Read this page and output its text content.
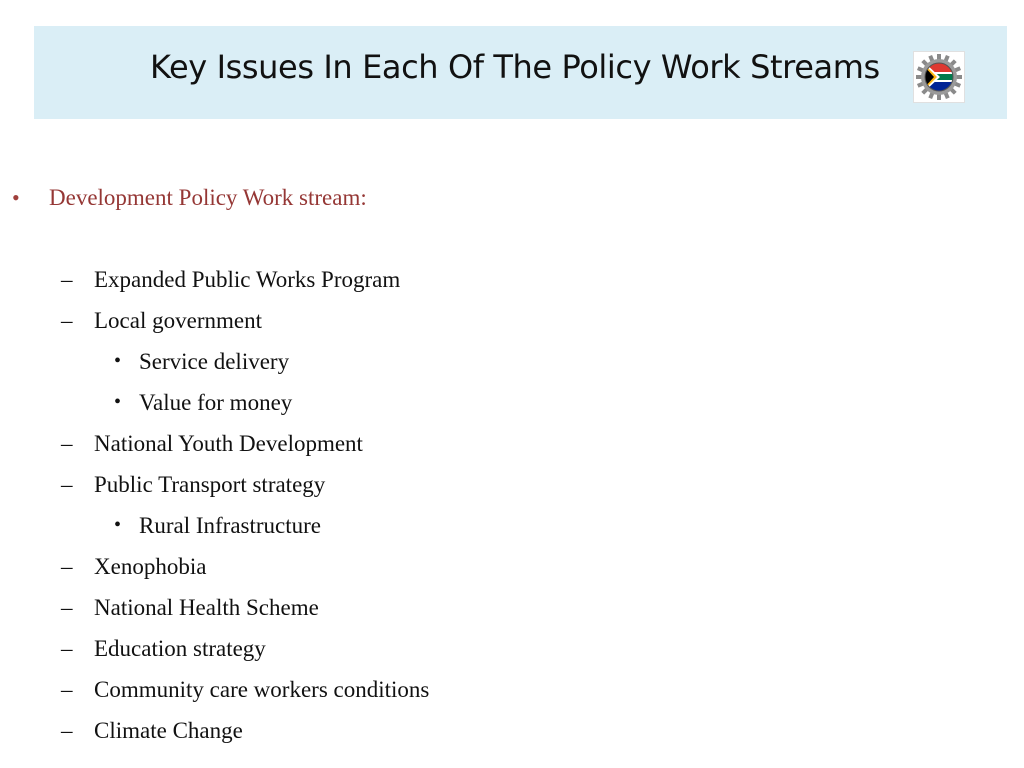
Key Issues In Each Of The Policy Work Streams
• Development Policy Work stream:
– Expanded Public Works Program
– Local government
• Service delivery
• Value for money
– National Youth Development
– Public Transport strategy
• Rural Infrastructure
– Xenophobia
– National Health Scheme
– Education strategy
– Community care workers conditions
– Climate Change
